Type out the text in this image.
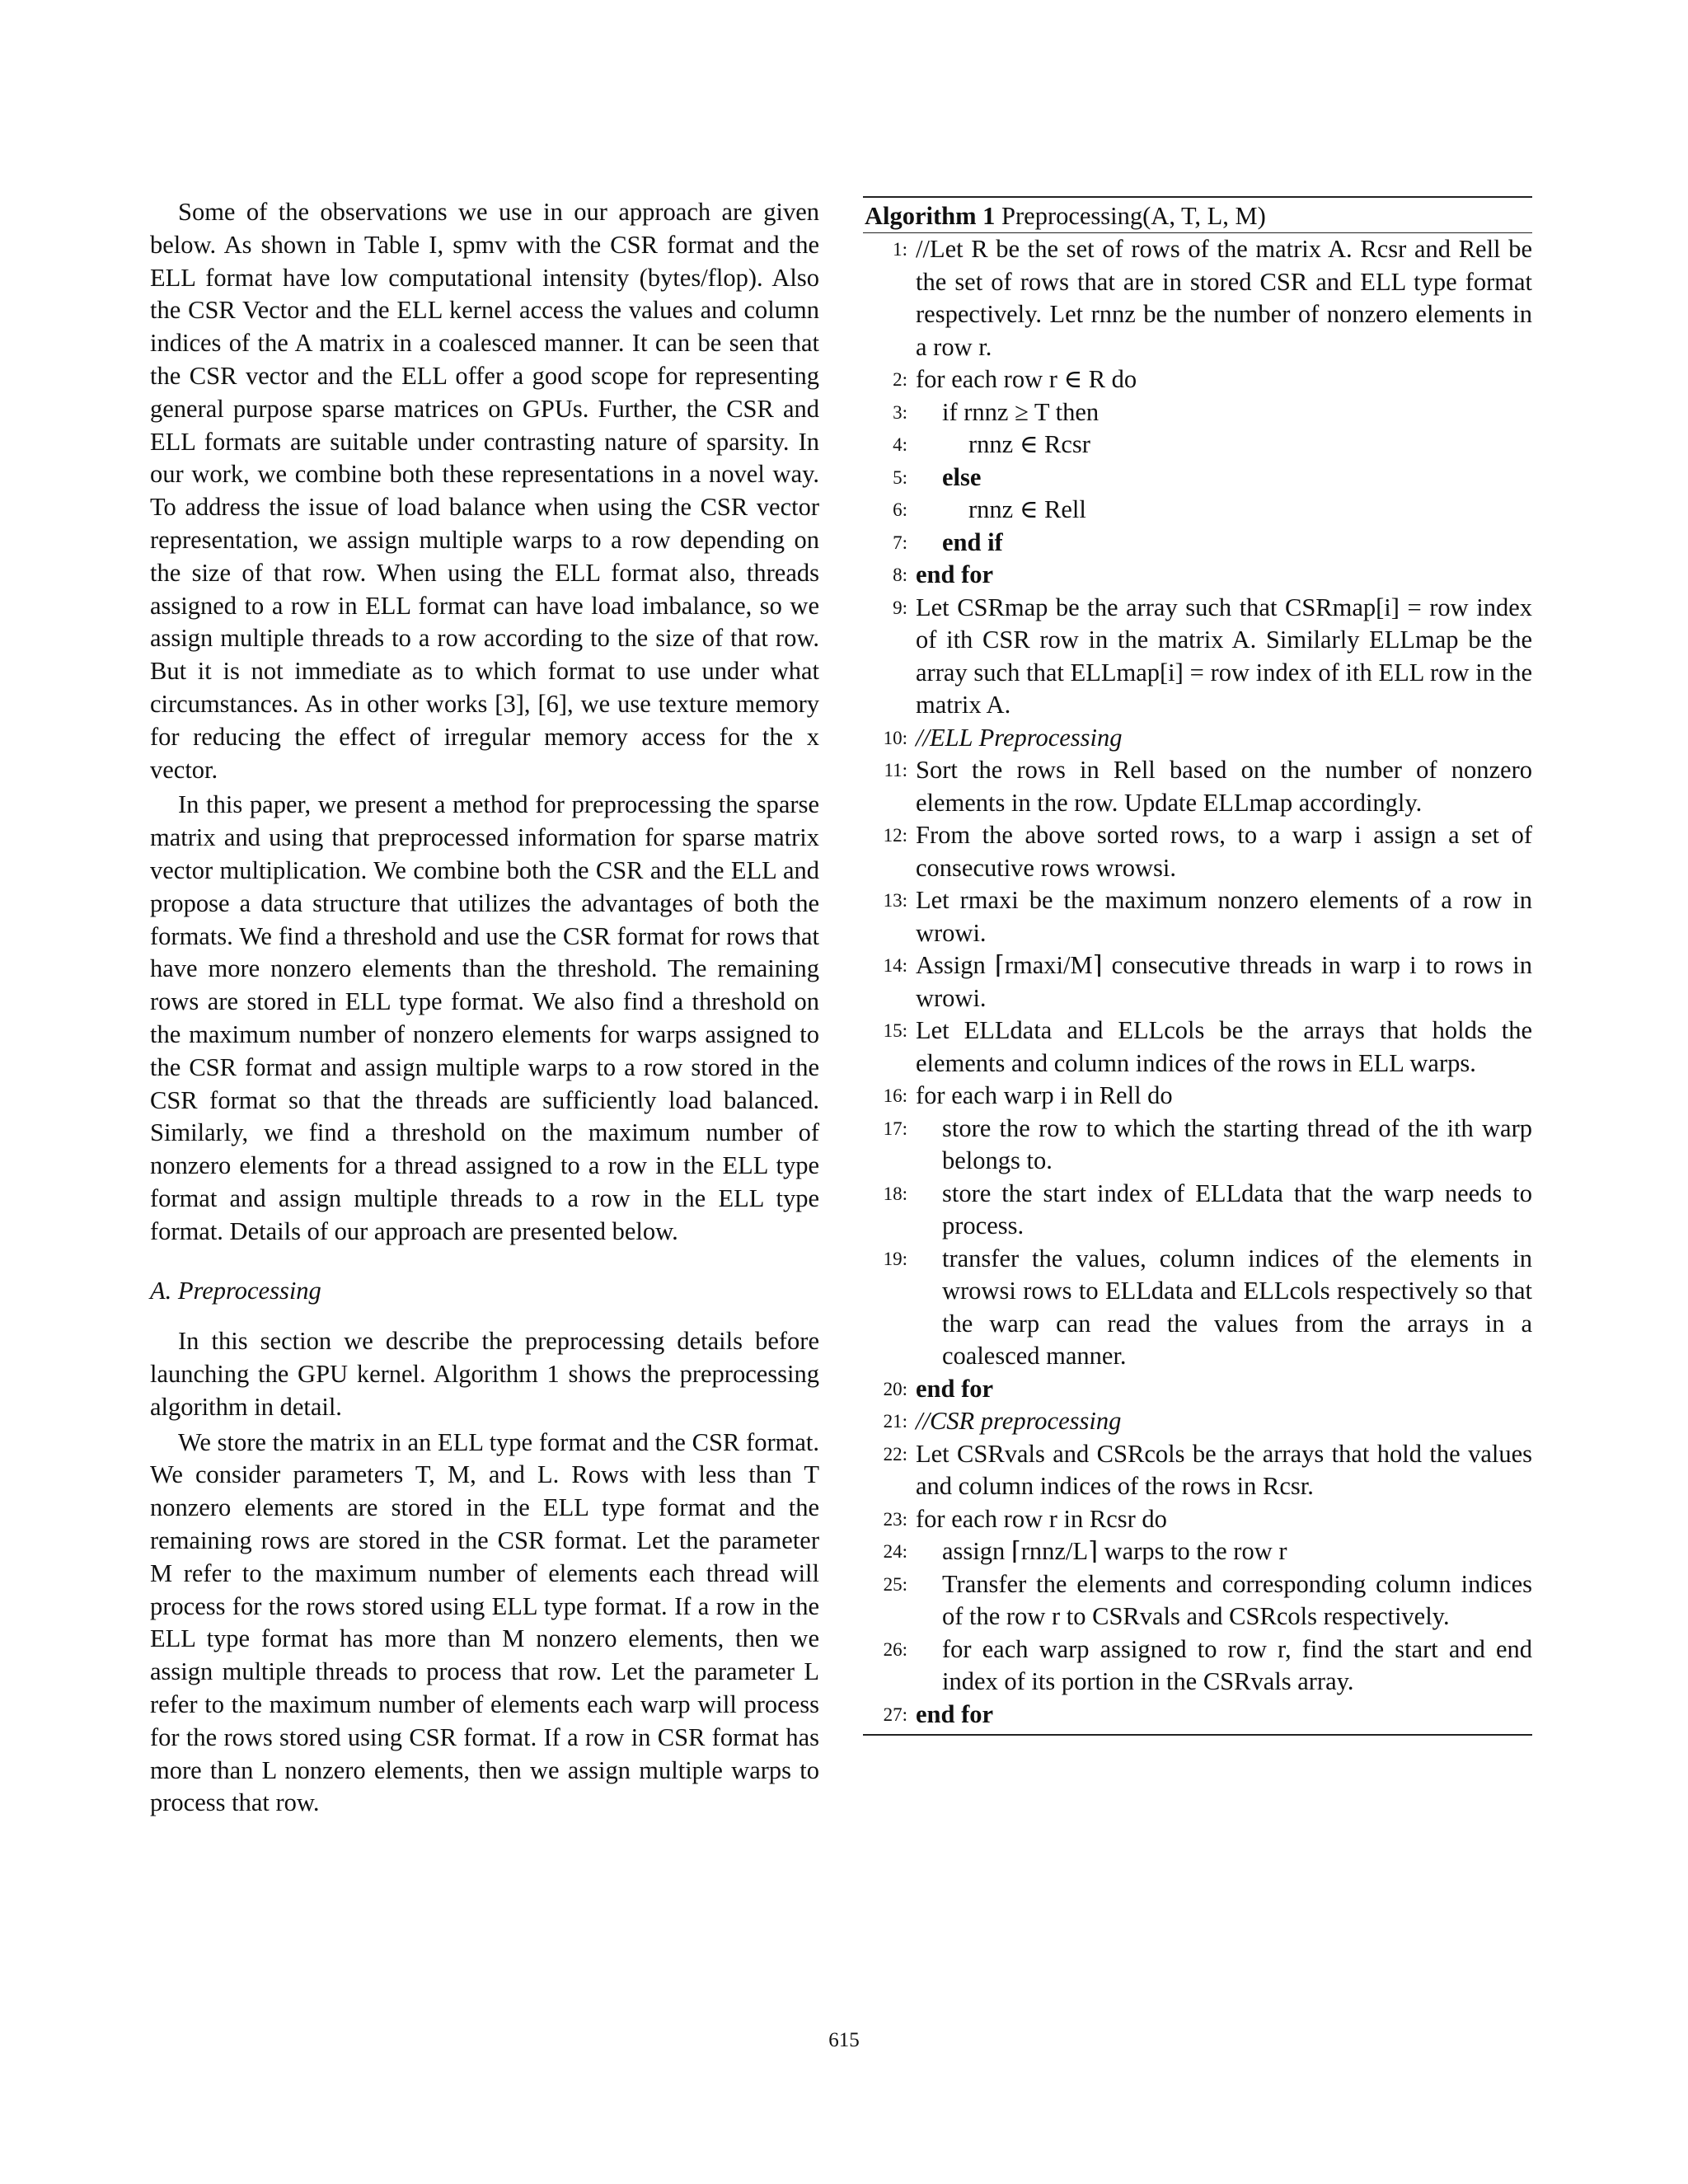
Some of the observations we use in our approach are given below. As shown in Table I, spmv with the CSR format and the ELL format have low computational intensity (bytes/flop). Also the CSR Vector and the ELL kernel access the values and column indices of the A matrix in a coalesced manner. It can be seen that the CSR vector and the ELL offer a good scope for representing general purpose sparse matrices on GPUs. Further, the CSR and ELL formats are suitable under contrasting nature of sparsity. In our work, we combine both these representations in a novel way. To address the issue of load balance when using the CSR vector representation, we assign multiple warps to a row depending on the size of that row. When using the ELL format also, threads assigned to a row in ELL format can have load imbalance, so we assign multiple threads to a row according to the size of that row. But it is not immediate as to which format to use under what circumstances. As in other works [3], [6], we use texture memory for reducing the effect of irregular memory access for the x vector.

In this paper, we present a method for preprocessing the sparse matrix and using that preprocessed information for sparse matrix vector multiplication. We combine both the CSR and the ELL and propose a data structure that utilizes the advantages of both the formats. We find a threshold and use the CSR format for rows that have more nonzero elements than the threshold. The remaining rows are stored in ELL type format. We also find a threshold on the maximum number of nonzero elements for warps assigned to the CSR format and assign multiple warps to a row stored in the CSR format so that the threads are sufficiently load balanced. Similarly, we find a threshold on the maximum number of nonzero elements for a thread assigned to a row in the ELL type format and assign multiple threads to a row in the ELL type format. Details of our approach are presented below.

A. Preprocessing

In this section we describe the preprocessing details before launching the GPU kernel. Algorithm 1 shows the preprocessing algorithm in detail.

We store the matrix in an ELL type format and the CSR format. We consider parameters T, M, and L. Rows with less than T nonzero elements are stored in the ELL type format and the remaining rows are stored in the CSR format. Let the parameter M refer to the maximum number of elements each thread will process for the rows stored using ELL type format. If a row in the ELL type format has more than M nonzero elements, then we assign multiple threads to process that row. Let the parameter L refer to the maximum number of elements each warp will process for the rows stored using CSR format. If a row in CSR format has more than L nonzero elements, then we assign multiple warps to process that row.

Algorithm 1 Preprocessing(A, T, L, M)
1: //Let R be the set of rows of the matrix A. Rcsr and Rell be the set of rows that are in stored CSR and ELL type format respectively. Let rnnz be the number of nonzero elements in a row r.
2: for each row r ∈ R do
3:	if rnnz ≥ T then
4:	rnnz ∈ Rcsr
5:	else
6:	rnnz ∈ Rell
7:	end if
8: end for
9: Let CSRmap be the array such that CSRmap[i] = row index of ith CSR row in the matrix A. Similarly ELLmap be the array such that ELLmap[i] = row index of ith ELL row in the matrix A.
10: //ELL Preprocessing
11: Sort the rows in Rell based on the number of nonzero elements in the row. Update ELLmap accordingly.
12: From the above sorted rows, to a warp i assign a set of consecutive rows wrowsi.
13: Let rmaxi be the maximum nonzero elements of a row in wrowi.
14: Assign ⌈rmaxi/M⌉ consecutive threads in warp i to rows in wrowi.
15: Let ELLdata and ELLcols be the arrays that holds the elements and column indices of the rows in ELL warps.
16: for each warp i in Rell do
17:	store the row to which the starting thread of the ith warp belongs to.
18:	store the start index of ELLdata that the warp needs to process.
19:	transfer the values, column indices of the elements in wrowsi rows to ELLdata and ELLcols respectively so that the warp can read the values from the arrays in a coalesced manner.
20: end for
21: //CSR preprocessing
22: Let CSRvals and CSRcols be the arrays that hold the values and column indices of the rows in Rcsr.
23: for each row r in Rcsr do
24:	assign ⌈rnnz/L⌉ warps to the row r
25:	Transfer the elements and corresponding column indices of the row r to CSRvals and CSRcols respectively.
26:	for each warp assigned to row r, find the start and end index of its portion in the CSRvals array.
27: end for
615
